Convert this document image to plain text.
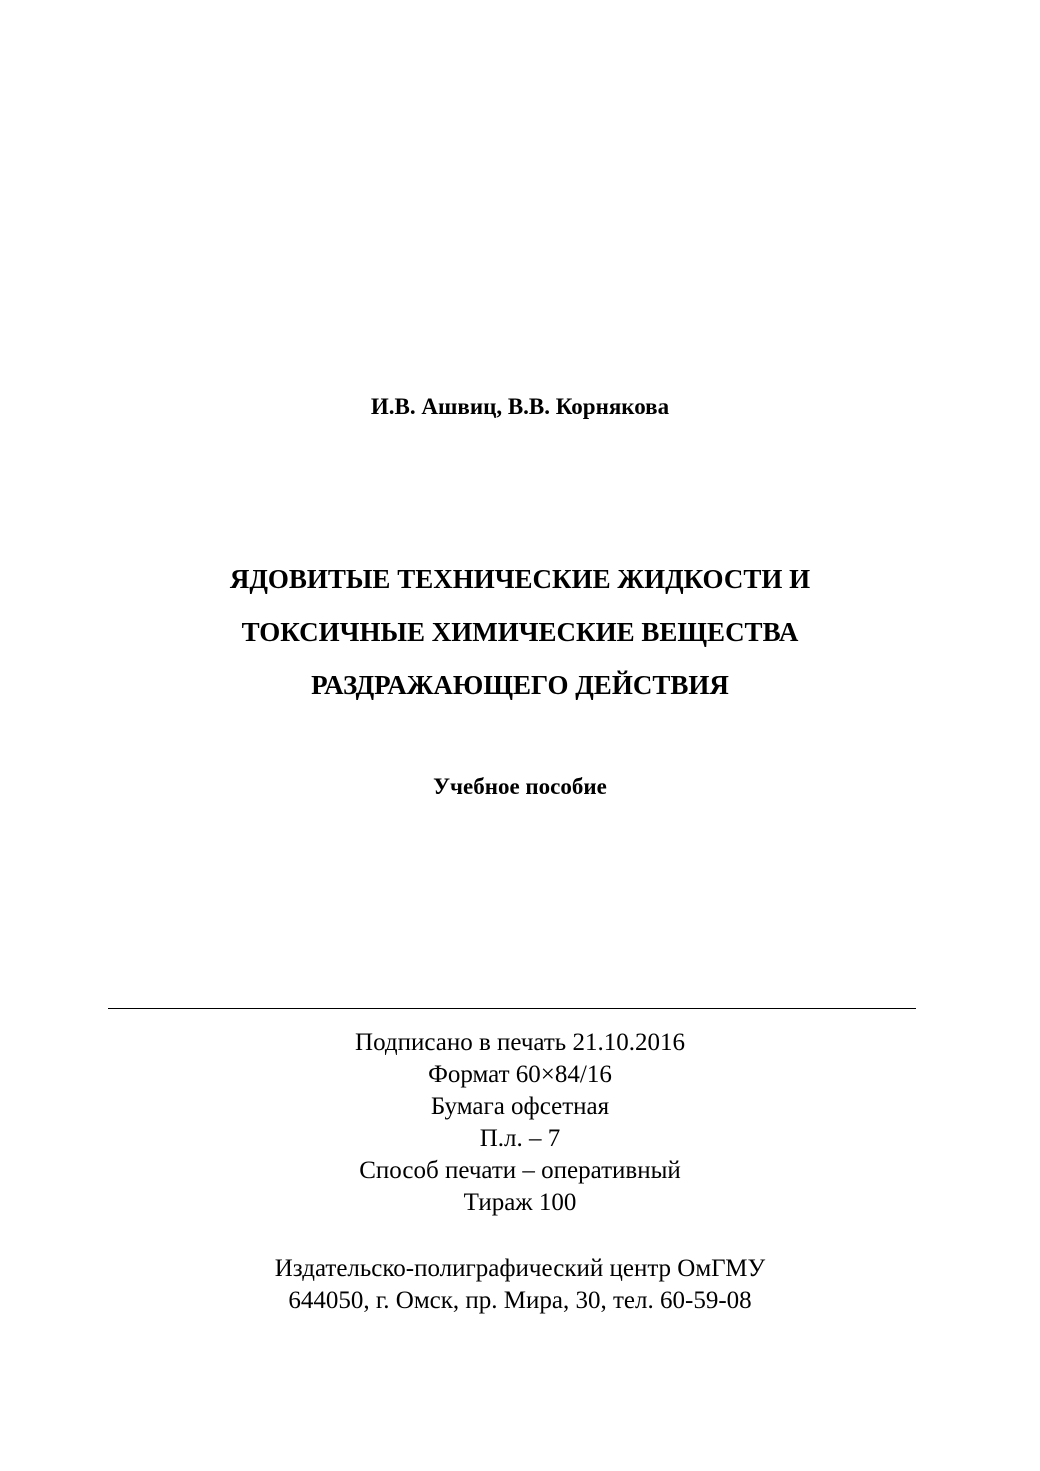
И.В. Ашвиц, В.В. Корнякова
ЯДОВИТЫЕ ТЕХНИЧЕСКИЕ ЖИДКОСТИ И
ТОКСИЧНЫЕ ХИМИЧЕСКИЕ ВЕЩЕСТВА
РАЗДРАЖАЮЩЕГО ДЕЙСТВИЯ
Учебное пособие
Подписано в печать 21.10.2016
Формат 60×84/16
Бумага офсетная
П.л. – 7
Способ печати – оперативный
Тираж 100
Издательско-полиграфический центр ОмГМУ
644050, г. Омск, пр. Мира, 30, тел. 60-59-08
